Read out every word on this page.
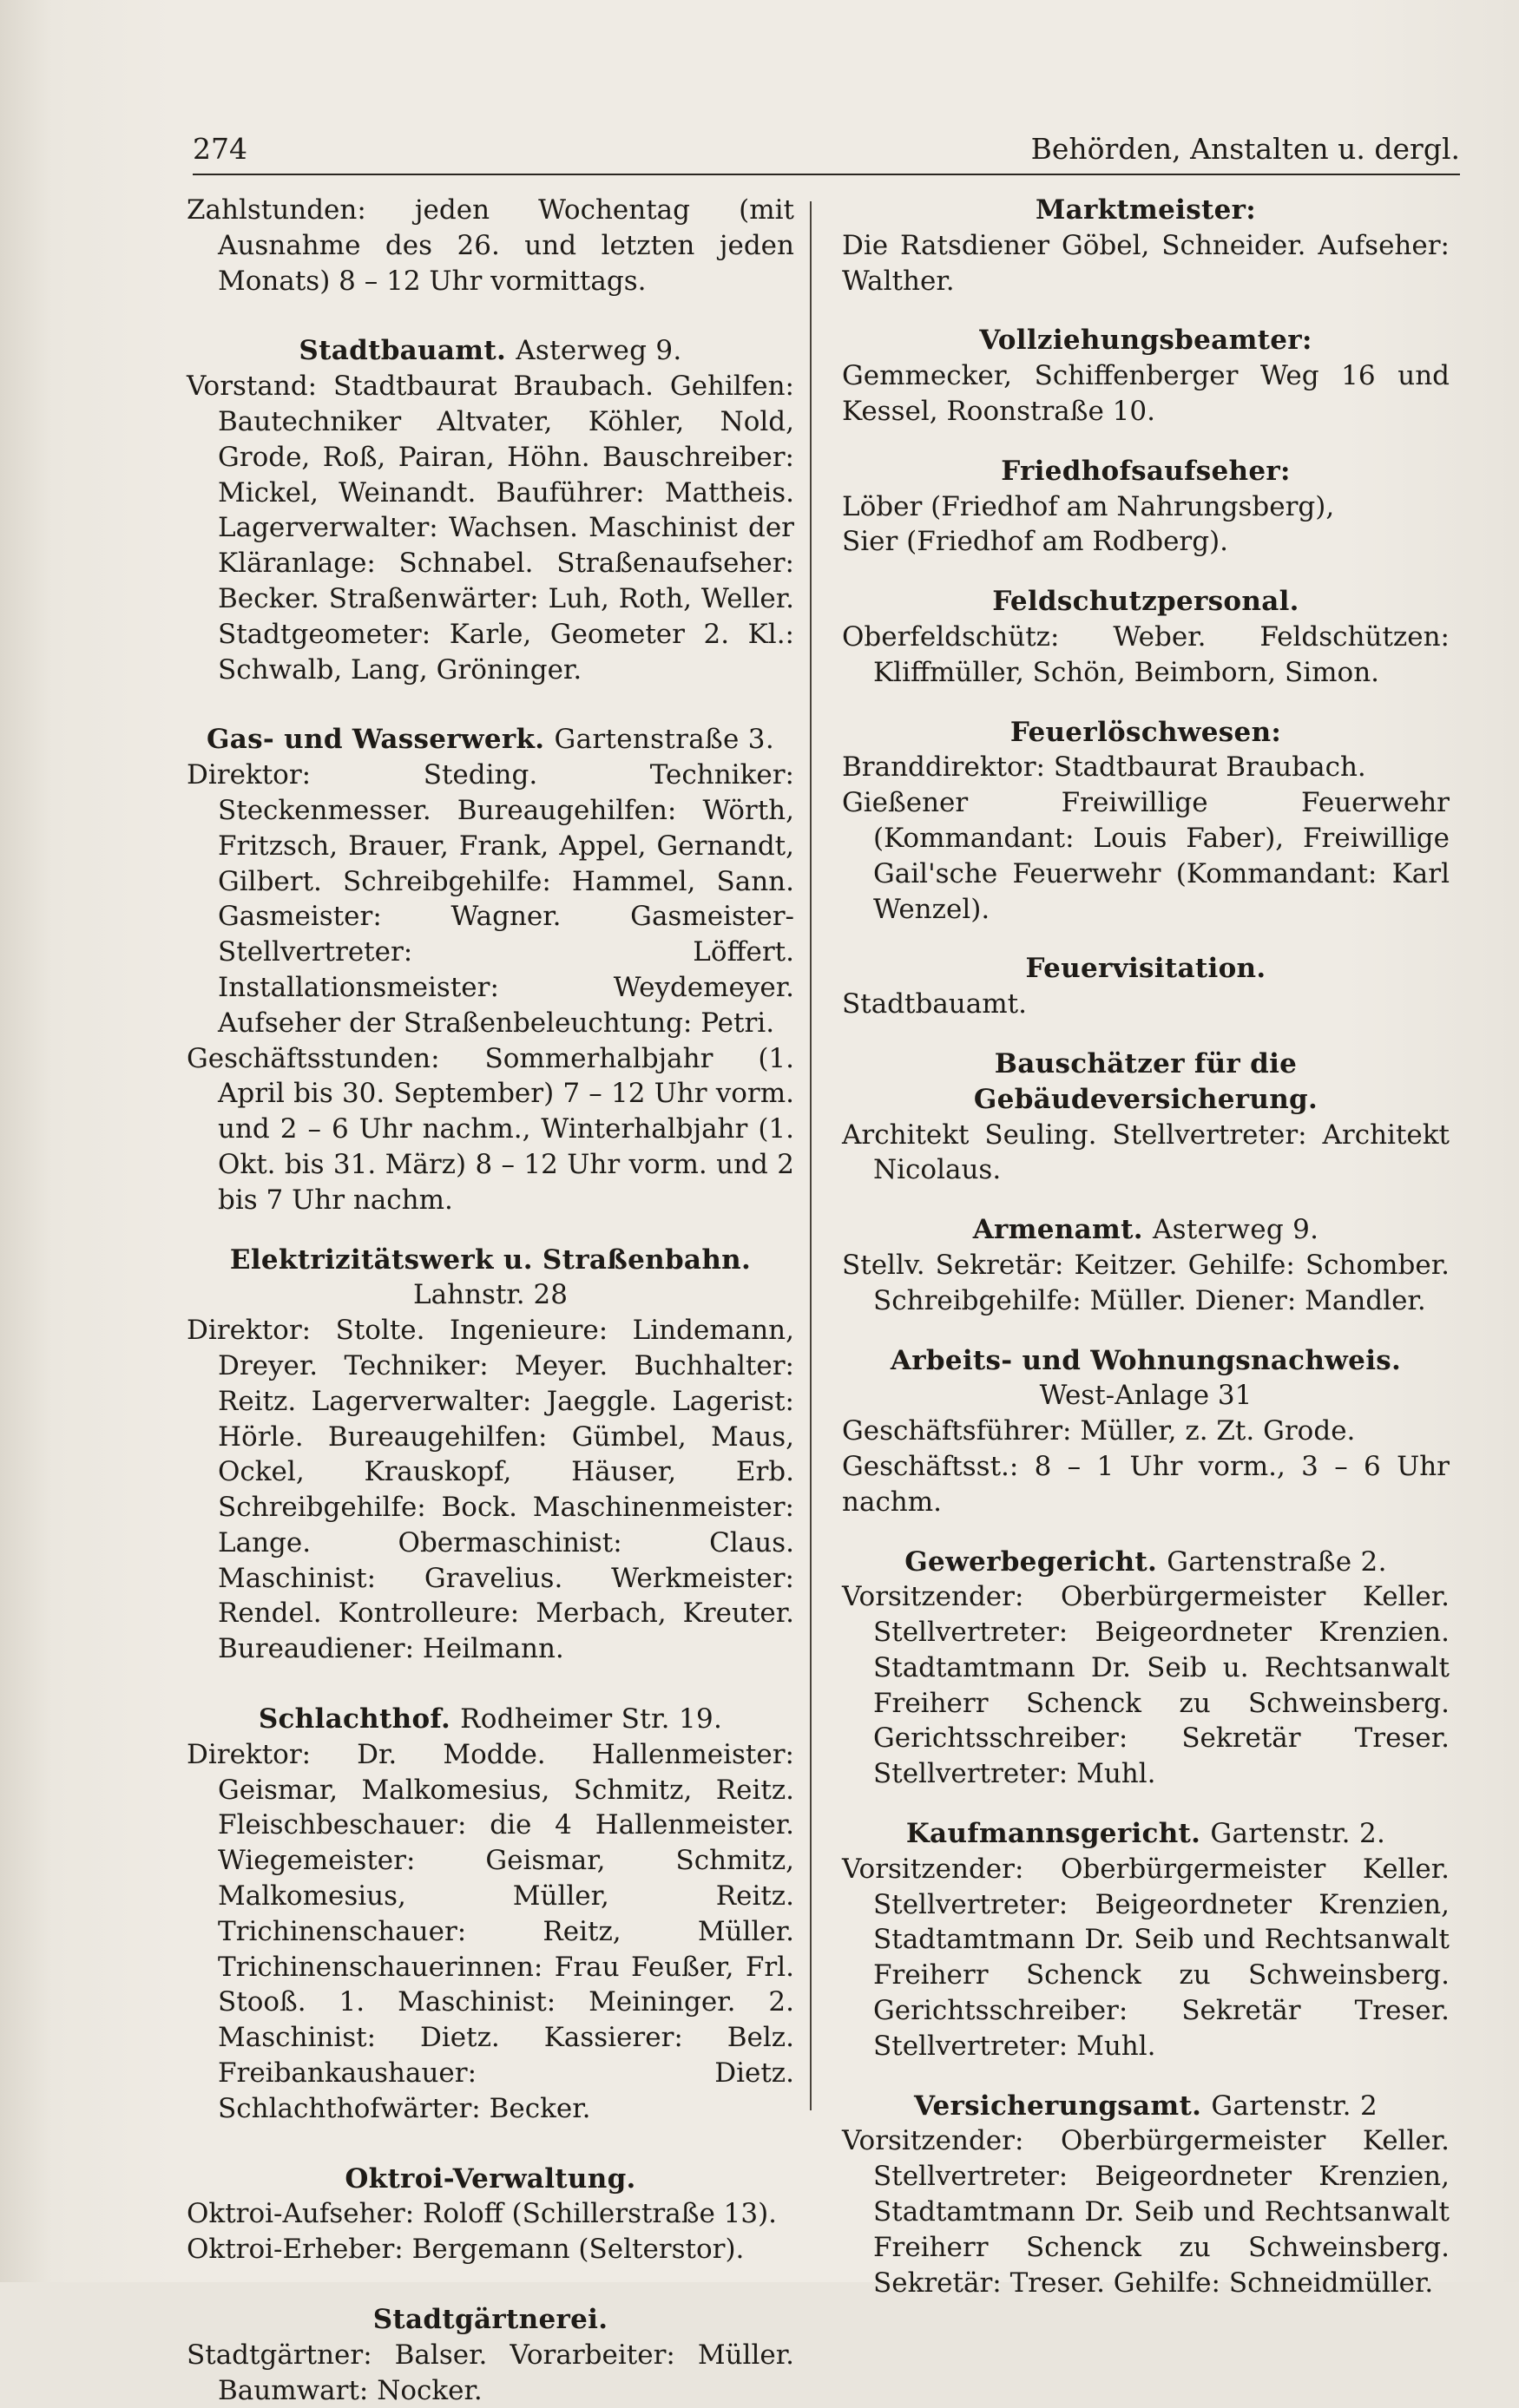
274	Behörden, Anstalten u. dergl.

Zahlstunden: jeden Wochentag (mit Ausnahme des 26. und letzten jeden Monats) 8 – 12 Uhr vormittags.

Stadtbauamt. Asterweg 9.

Vorstand: Stadtbaurat Braubach. Gehilfen: Bautechniker Altvater, Köhler, Nold, Grode, Roß, Pairan, Höhn. Bauschreiber: Mickel, Weinandt. Bauführer: Mattheis. Lagerverwalter: Wachsen. Maschinist der Kläranlage: Schnabel. Straßenaufseher: Becker. Straßenwärter: Luh, Roth, Weller. Stadtgeometer: Karle, Geometer 2. Kl.: Schwalb, Lang, Gröninger.

Gas- und Wasserwerk. Gartenstraße 3.

Direktor: Steding. Techniker: Steckenmesser. Bureaugehilfen: Wörth, Fritzsch, Brauer, Frank, Appel, Gernandt, Gilbert. Schreibgehilfe: Hammel, Sann. Gasmeister: Wagner. Gasmeister-Stellvertreter: Löffert. Installationsmeister: Weydemeyer. Aufseher der Straßenbeleuchtung: Petri.

Geschäftsstunden: Sommerhalbjahr (1. April bis 30. September) 7 – 12 Uhr vorm. und 2 – 6 Uhr nachm., Winterhalbjahr (1. Okt. bis 31. März) 8 – 12 Uhr vorm. und 2 bis 7 Uhr nachm.

Elektrizitätswerk u. Straßenbahn.

Lahnstr. 28

Direktor: Stolte. Ingenieure: Lindemann, Dreyer. Techniker: Meyer. Buchhalter: Reitz. Lagerverwalter: Jaeggle. Lagerist: Hörle. Bureaugehilfen: Gümbel, Maus, Ockel, Krauskopf, Häuser, Erb. Schreibgehilfe: Bock. Maschinenmeister: Lange. Obermaschinist: Claus. Maschinist: Gravelius. Werkmeister: Rendel. Kontrolleure: Merbach, Kreuter. Bureaudiener: Heilmann.

Schlachthof. Rodheimer Str. 19.

Direktor: Dr. Modde. Hallenmeister: Geismar, Malkomesius, Schmitz, Reitz. Fleischbeschauer: die 4 Hallenmeister. Wiegemeister: Geismar, Schmitz, Malkomesius, Müller, Reitz. Trichinenschauer: Reitz, Müller. Trichinenschauerinnen: Frau Feußer, Frl. Stooß. 1. Maschinist: Meininger. 2. Maschinist: Dietz. Kassierer: Belz. Freibankaushauer: Dietz. Schlachthofwärter: Becker.

Oktroi-Verwaltung.

Oktroi-Aufseher: Roloff (Schillerstraße 13).

Oktroi-Erheber: Bergemann (Selterstor).

Stadtgärtnerei.

Stadtgärtner: Balser. Vorarbeiter: Müller. Baumwart: Nocker.

Marktmeister:

Die Ratsdiener Göbel, Schneider. Aufseher: Walther.

Vollziehungsbeamter:

Gemmecker, Schiffenberger Weg 16 und Kessel, Roonstraße 10.

Friedhofsaufseher:

Löber (Friedhof am Nahrungsberg),

Sier (Friedhof am Rodberg).

Feldschutzpersonal.

Oberfeldschütz: Weber. Feldschützen: Kliffmüller, Schön, Beimborn, Simon.

Feuerlöschwesen:

Branddirektor: Stadtbaurat Braubach.

Gießener Freiwillige Feuerwehr (Kommandant: Louis Faber), Freiwillige Gail'sche Feuerwehr (Kommandant: Karl Wenzel).

Feuervisitation.

Stadtbauamt.

Bauschätzer für die Gebäudeversicherung.

Architekt Seuling. Stellvertreter: Architekt Nicolaus.

Armenamt. Asterweg 9.

Stellv. Sekretär: Keitzer. Gehilfe: Schomber. Schreibgehilfe: Müller. Diener: Mandler.

Arbeits- und Wohnungsnachweis.

West-Anlage 31

Geschäftsführer: Müller, z. Zt. Grode.

Geschäftsst.: 8 – 1 Uhr vorm., 3 – 6 Uhr nachm.

Gewerbegericht. Gartenstraße 2.

Vorsitzender: Oberbürgermeister Keller. Stellvertreter: Beigeordneter Krenzien. Stadtamtmann Dr. Seib u. Rechtsanwalt Freiherr Schenck zu Schweinsberg. Gerichtsschreiber: Sekretär Treser. Stellvertreter: Muhl.

Kaufmannsgericht. Gartenstr. 2.

Vorsitzender: Oberbürgermeister Keller. Stellvertreter: Beigeordneter Krenzien, Stadtamtmann Dr. Seib und Rechtsanwalt Freiherr Schenck zu Schweinsberg. Gerichtsschreiber: Sekretär Treser. Stellvertreter: Muhl.

Versicherungsamt. Gartenstr. 2

Vorsitzender: Oberbürgermeister Keller. Stellvertreter: Beigeordneter Krenzien, Stadtamtmann Dr. Seib und Rechtsanwalt Freiherr Schenck zu Schweinsberg. Sekretär: Treser. Gehilfe: Schneidmüller.
